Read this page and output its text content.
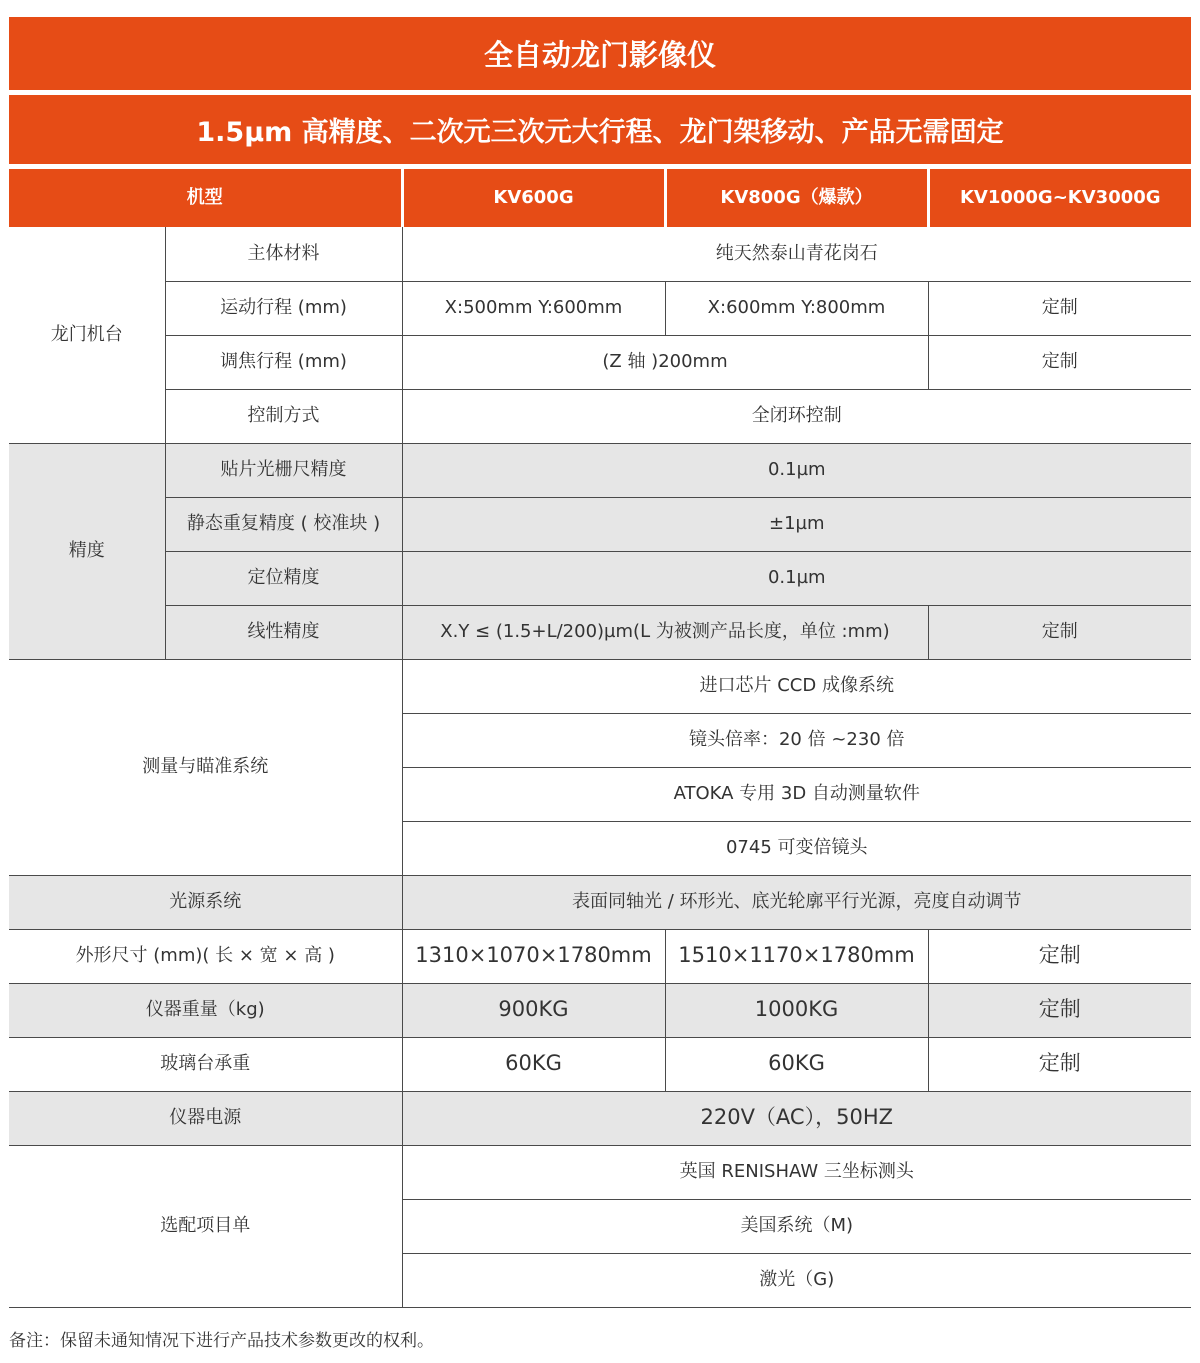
全自动龙门影像仪
1.5µm 高精度、二次元三次元大行程、龙门架移动、产品无需固定
机型		KV600G	KV800G（爆款）	KV1000G~KV3000G
龙门机台	主体材料	纯天然泰山青花岗石		
	运动行程 (mm)	X:500mm Y:600mm	X:600mm Y:800mm	定制
	调焦行程 (mm)	(Z 轴 )200mm		定制
	控制方式	全闭环控制		
精度	贴片光栅尺精度	0.1µm		
	静态重复精度 ( 校准块 )	±1µm		
	定位精度	0.1µm		
	线性精度	X.Y ≤ (1.5+L/200)µm(L 为被测产品长度，单位 :mm)		定制
测量与瞄准系统		进口芯片 CCD 成像系统		
		镜头倍率：20 倍 ~230 倍		
		ATOKA 专用 3D 自动测量软件		
		0745 可变倍镜头		
光源系统		表面同轴光 / 环形光、底光轮廓平行光源，亮度自动调节		
外形尺寸 (mm)( 长 × 宽 × 高 )		1310×1070×1780mm	1510×1170×1780mm	定制
仪器重量（kg)		900KG	1000KG	定制
玻璃台承重		60KG	60KG	定制
仪器电源		220V（AC），50HZ		
选配项目单		英国 RENISHAW 三坐标测头		
		美国系统（M)		
		激光（G)		
备注：保留未通知情况下进行产品技术参数更改的权利。
